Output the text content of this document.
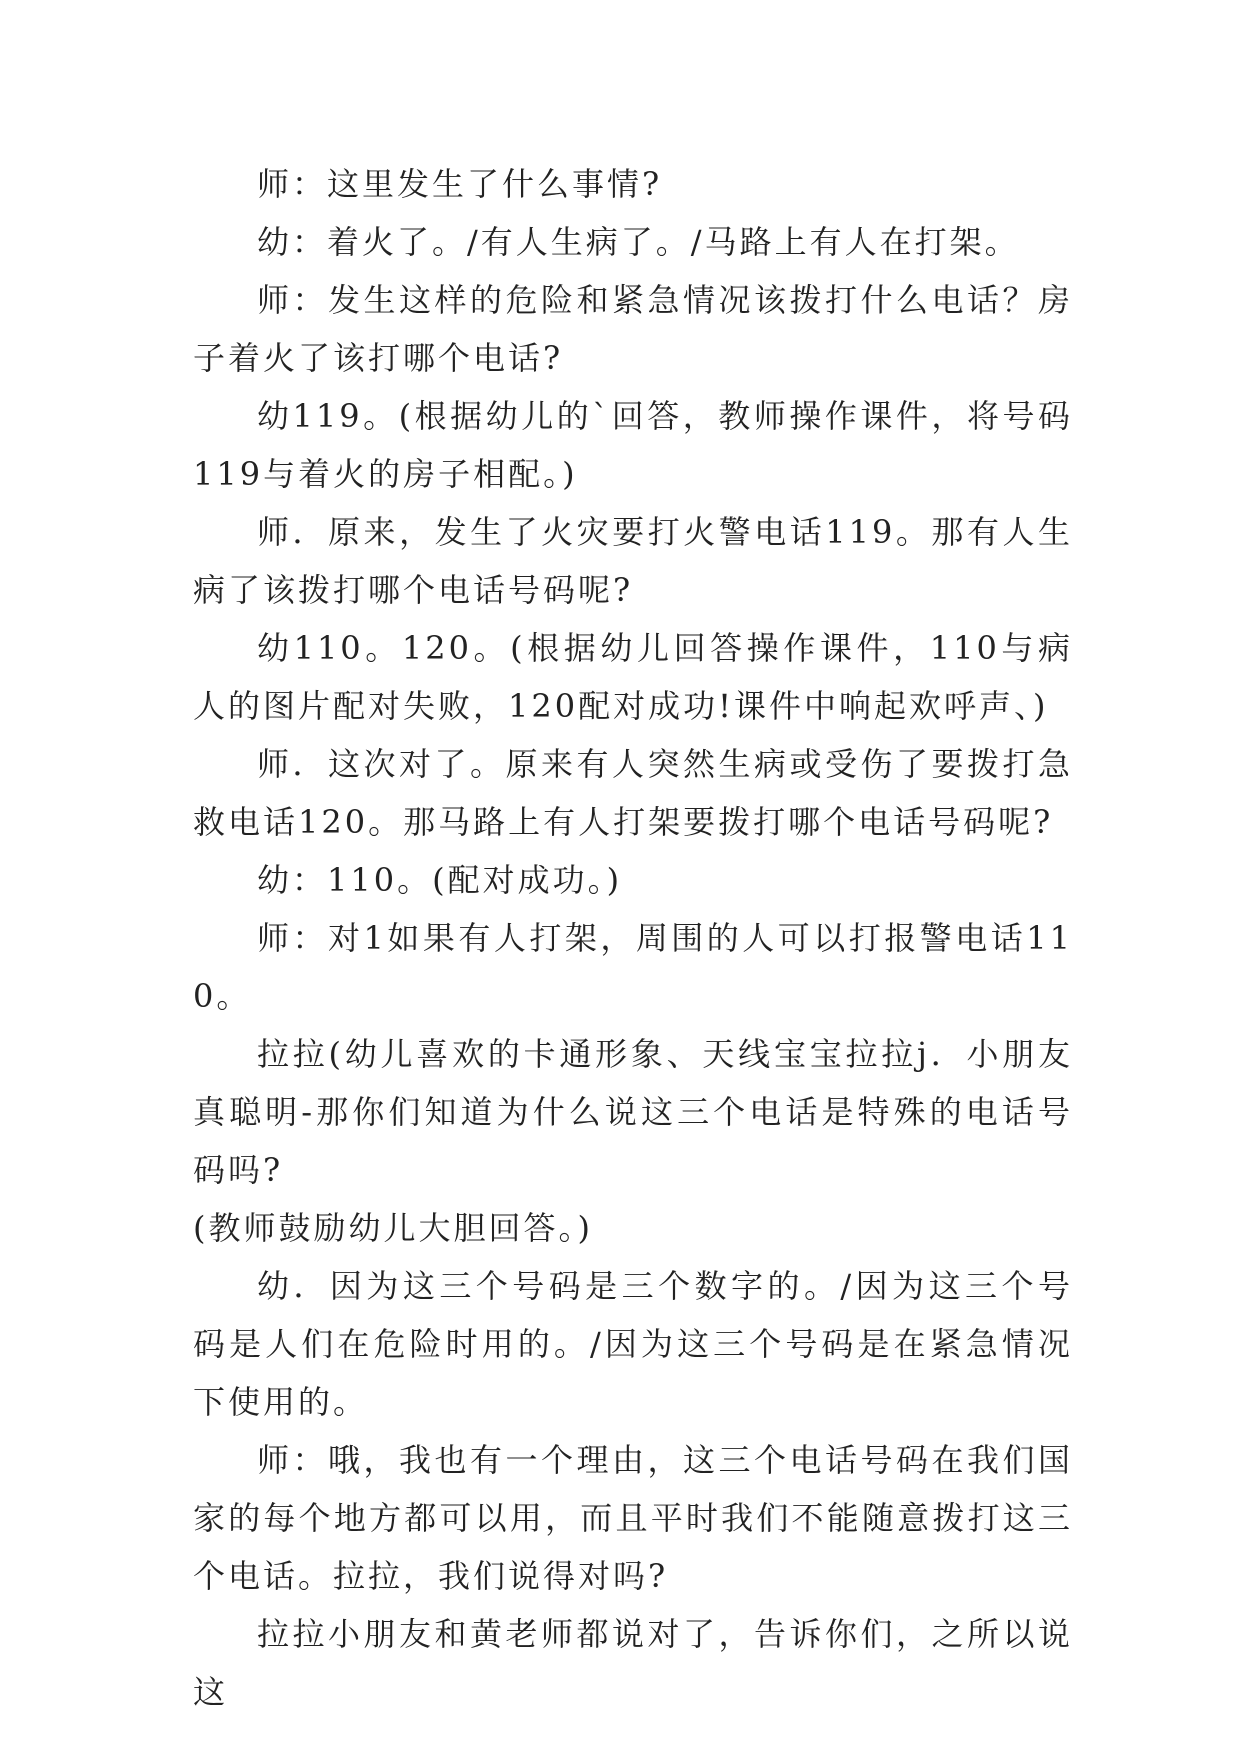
师：这里发生了什么事情?

幼：着火了。/有人生病了。/马路上有人在打架。

师：发生这样的危险和紧急情况该拨打什么电话？房子着火了该打哪个电话?

幼119。(根据幼儿的`回答，教师操作课件，将号码119与着火的房子相配。)

师．原来，发生了火灾要打火警电话119。那有人生病了该拨打哪个电话号码呢?

幼110。120。(根据幼儿回答操作课件，110与病人的图片配对失败，120配对成功!课件中响起欢呼声、)

师．这次对了。原来有人突然生病或受伤了要拨打急救电话120。那马路上有人打架要拨打哪个电话号码呢?

幼：110。(配对成功。)

师：对1如果有人打架，周围的人可以打报警电话110。

拉拉(幼儿喜欢的卡通形象、天线宝宝拉拉j．小朋友真聪明-那你们知道为什么说这三个电话是特殊的电话号码吗?

(教师鼓励幼儿大胆回答。)

幼．因为这三个号码是三个数字的。/因为这三个号码是人们在危险时用的。/因为这三个号码是在紧急情况下使用的。

师：哦，我也有一个理由，这三个电话号码在我们国家的每个地方都可以用，而且平时我们不能随意拨打这三个电话。拉拉，我们说得对吗?

拉拉小朋友和黄老师都说对了，告诉你们，之所以说这
